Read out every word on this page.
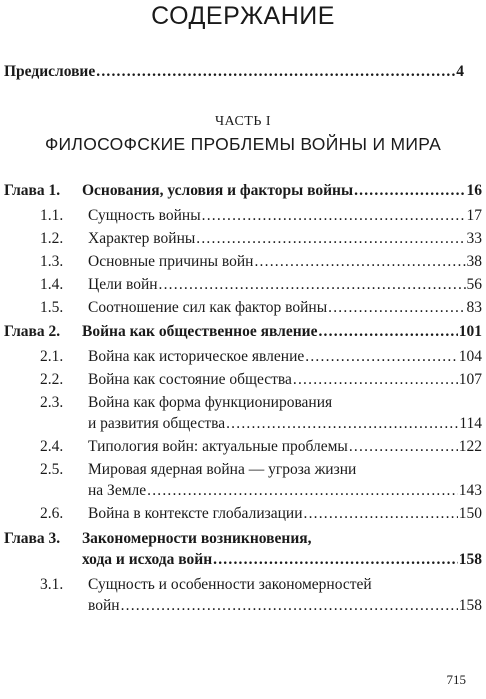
СОДЕРЖАНИЕ
Предисловие .....	4
ЧАСТЬ I
ФИЛОСОФСКИЕ ПРОБЛЕМЫ ВОЙНЫ И МИРА
Глава 1. Основания, условия и факторы войны .....	16
1.1. Сущность войны .....	17
1.2. Характер войны .....	33
1.3. Основные причины войн .....	38
1.4. Цели войн .....	56
1.5. Соотношение сил как фактор войны .....	83
Глава 2. Война как общественное явление .....	101
2.1. Война как историческое явление .....	104
2.2. Война как состояние общества .....	107
2.3. Война как форма функционирования
и развития общества .....	114
2.4. Типология войн: актуальные проблемы .....	122
2.5. Мировая ядерная война — угроза жизни
на Земле .....	143
2.6. Война в контексте глобализации .....	150
Глава 3. Закономерности возникновения,
хода и исхода войн .....	158
3.1. Сущность и особенности закономерностей
войн .....	158
715
